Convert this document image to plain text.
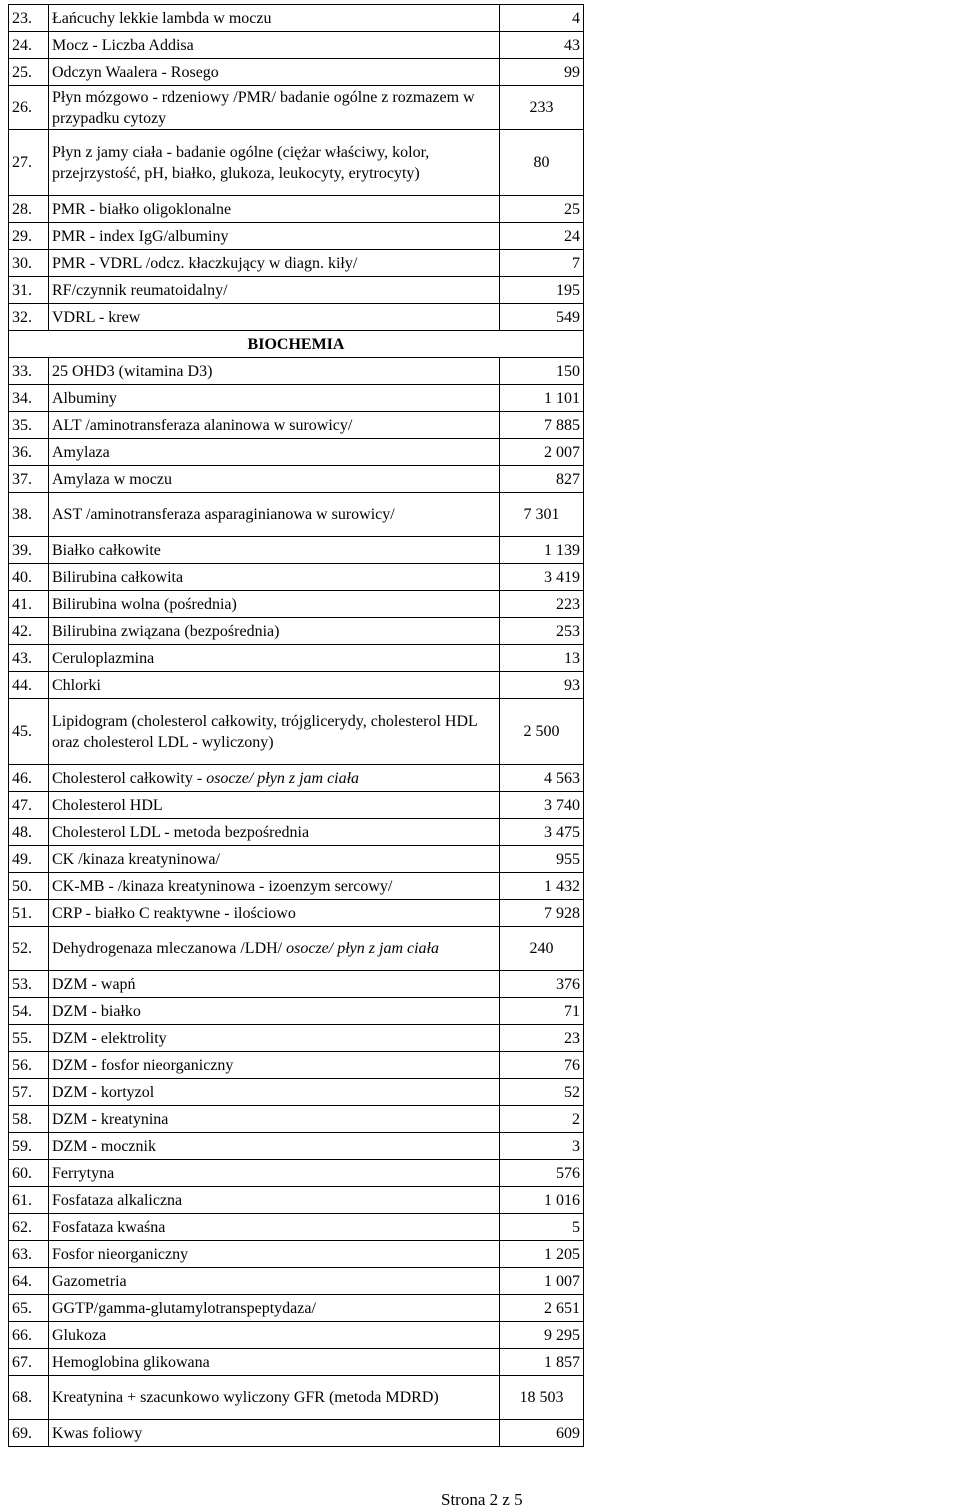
23.	Łańcuchy lekkie lambda w moczu	4
24.	Mocz - Liczba Addisa	43
25.	Odczyn Waalera - Rosego	99
26.	Płyn mózgowo - rdzeniowy /PMR/ badanie ogólne z rozmazem w przypadku cytozy	233
27.	Płyn z jamy ciała - badanie ogólne (ciężar właściwy, kolor, przejrzystość, pH, białko, glukoza, leukocyty, erytrocyty)	80
28.	PMR - białko oligoklonalne	25
29.	PMR - index IgG/albuminy	24
30.	PMR - VDRL /odcz. kłaczkujący w diagn. kiły/	7
31.	RF/czynnik reumatoidalny/	195
32.	VDRL - krew	549
BIOCHEMIA		
33.	25 OHD3 (witamina D3)	150
34.	Albuminy	1 101
35.	ALT /aminotransferaza alaninowa w surowicy/	7 885
36.	Amylaza	2 007
37.	Amylaza w moczu	827
38.	AST /aminotransferaza asparaginianowa w surowicy/	7 301
39.	Białko całkowite	1 139
40.	Bilirubina całkowita	3 419
41.	Bilirubina wolna (pośrednia)	223
42.	Bilirubina związana (bezpośrednia)	253
43.	Ceruloplazmina	13
44.	Chlorki	93
45.	Lipidogram (cholesterol całkowity, trójglicerydy, cholesterol HDL oraz cholesterol LDL - wyliczony)	2 500
46.	Cholesterol całkowity - osocze/ płyn z jam ciała	4 563
47.	Cholesterol HDL	3 740
48.	Cholesterol LDL - metoda bezpośrednia	3 475
49.	CK /kinaza kreatyninowa/	955
50.	CK-MB - /kinaza kreatyninowa - izoenzym sercowy/	1 432
51.	CRP - białko C reaktywne - ilościowo	7 928
52.	Dehydrogenaza mleczanowa /LDH/ osocze/ płyn z jam ciała	240
53.	DZM - wapń	376
54.	DZM - białko	71
55.	DZM - elektrolity	23
56.	DZM - fosfor nieorganiczny	76
57.	DZM - kortyzol	52
58.	DZM - kreatynina	2
59.	DZM - mocznik	3
60.	Ferrytyna	576
61.	Fosfataza alkaliczna	1 016
62.	Fosfataza kwaśna	5
63.	Fosfor nieorganiczny	1 205
64.	Gazometria	1 007
65.	GGTP/gamma-glutamylotranspeptydaza/	2 651
66.	Glukoza	9 295
67.	Hemoglobina glikowana	1 857
68.	Kreatynina + szacunkowo wyliczony GFR (metoda MDRD)	18 503
69.	Kwas foliowy	609
Strona 2 z 5
